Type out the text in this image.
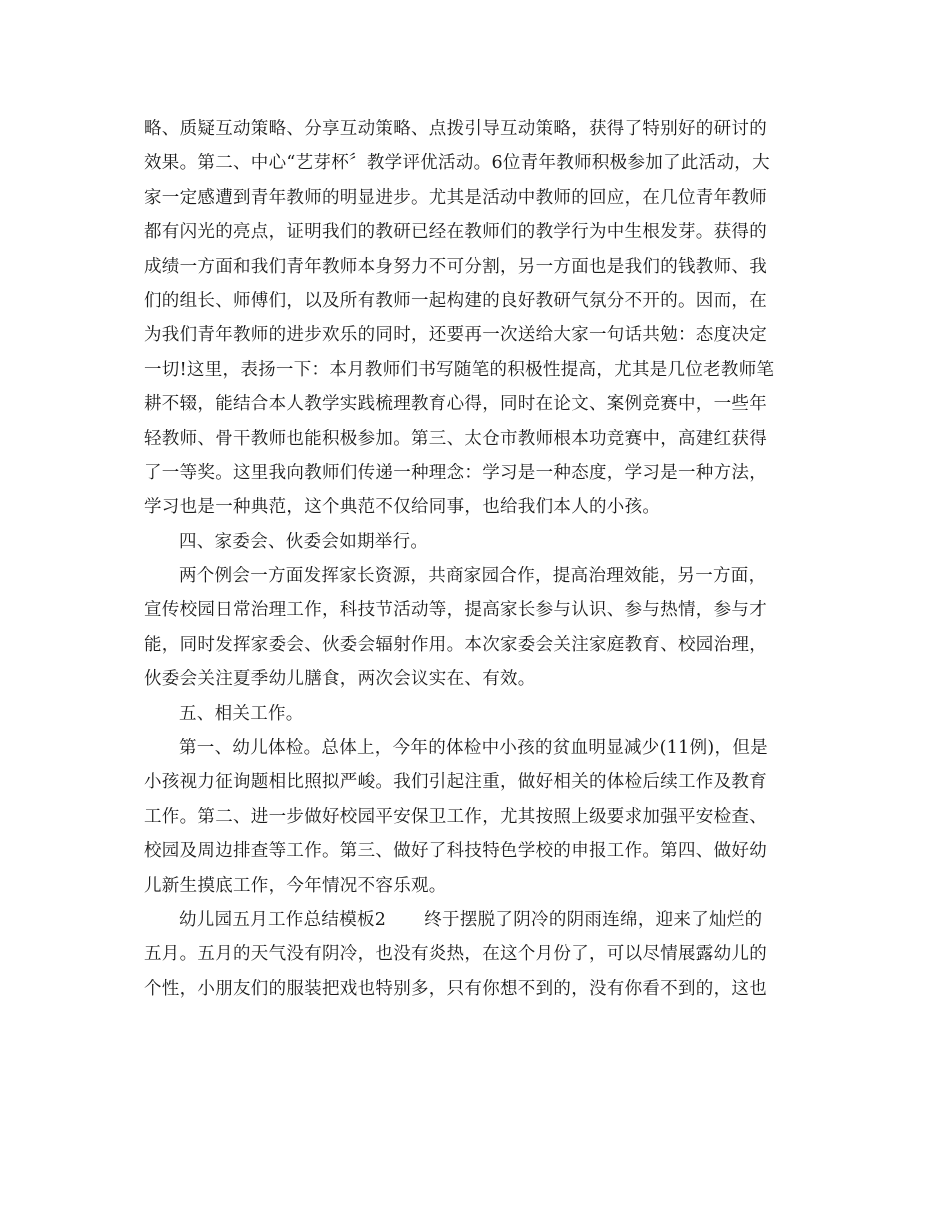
略、质疑互动策略、分享互动策略、点拨引导互动策略，获得了特别好的研讨的
效果。第二、中心“艺芽杯〞教学评优活动。6位青年教师积极参加了此活动，大
家一定感遭到青年教师的明显进步。尤其是活动中教师的回应，在几位青年教师
都有闪光的亮点，证明我们的教研已经在教师们的教学行为中生根发芽。获得的
成绩一方面和我们青年教师本身努力不可分割，另一方面也是我们的钱教师、我
们的组长、师傅们，以及所有教师一起构建的良好教研气氛分不开的。因而，在
为我们青年教师的进步欢乐的同时，还要再一次送给大家一句话共勉：态度决定
一切!这里，表扬一下：本月教师们书写随笔的积极性提高，尤其是几位老教师笔
耕不辍，能结合本人教学实践梳理教育心得，同时在论文、案例竞赛中，一些年
轻教师、骨干教师也能积极参加。第三、太仓市教师根本功竞赛中，高建红获得
了一等奖。这里我向教师们传递一种理念：学习是一种态度，学习是一种方法，
学习也是一种典范，这个典范不仅给同事，也给我们本人的小孩。
四、家委会、伙委会如期举行。
两个例会一方面发挥家长资源，共商家园合作，提高治理效能，另一方面，
宣传校园日常治理工作，科技节活动等，提高家长参与认识、参与热情，参与才
能，同时发挥家委会、伙委会辐射作用。本次家委会关注家庭教育、校园治理，
伙委会关注夏季幼儿膳食，两次会议实在、有效。
五、相关工作。
第一、幼儿体检。总体上，今年的体检中小孩的贫血明显减少(11例)，但是
小孩视力征询题相比照拟严峻。我们引起注重，做好相关的体检后续工作及教育
工作。第二、进一步做好校园平安保卫工作，尤其按照上级要求加强平安检查、
校园及周边排查等工作。第三、做好了科技特色学校的申报工作。第四、做好幼
儿新生摸底工作，今年情况不容乐观。
幼儿园五月工作总结模板2 终于摆脱了阴冷的阴雨连绵，迎来了灿烂的
五月。五月的天气没有阴冷，也没有炎热，在这个月份了，可以尽情展露幼儿的
个性，小朋友们的服装把戏也特别多，只有你想不到的，没有你看不到的，这也
